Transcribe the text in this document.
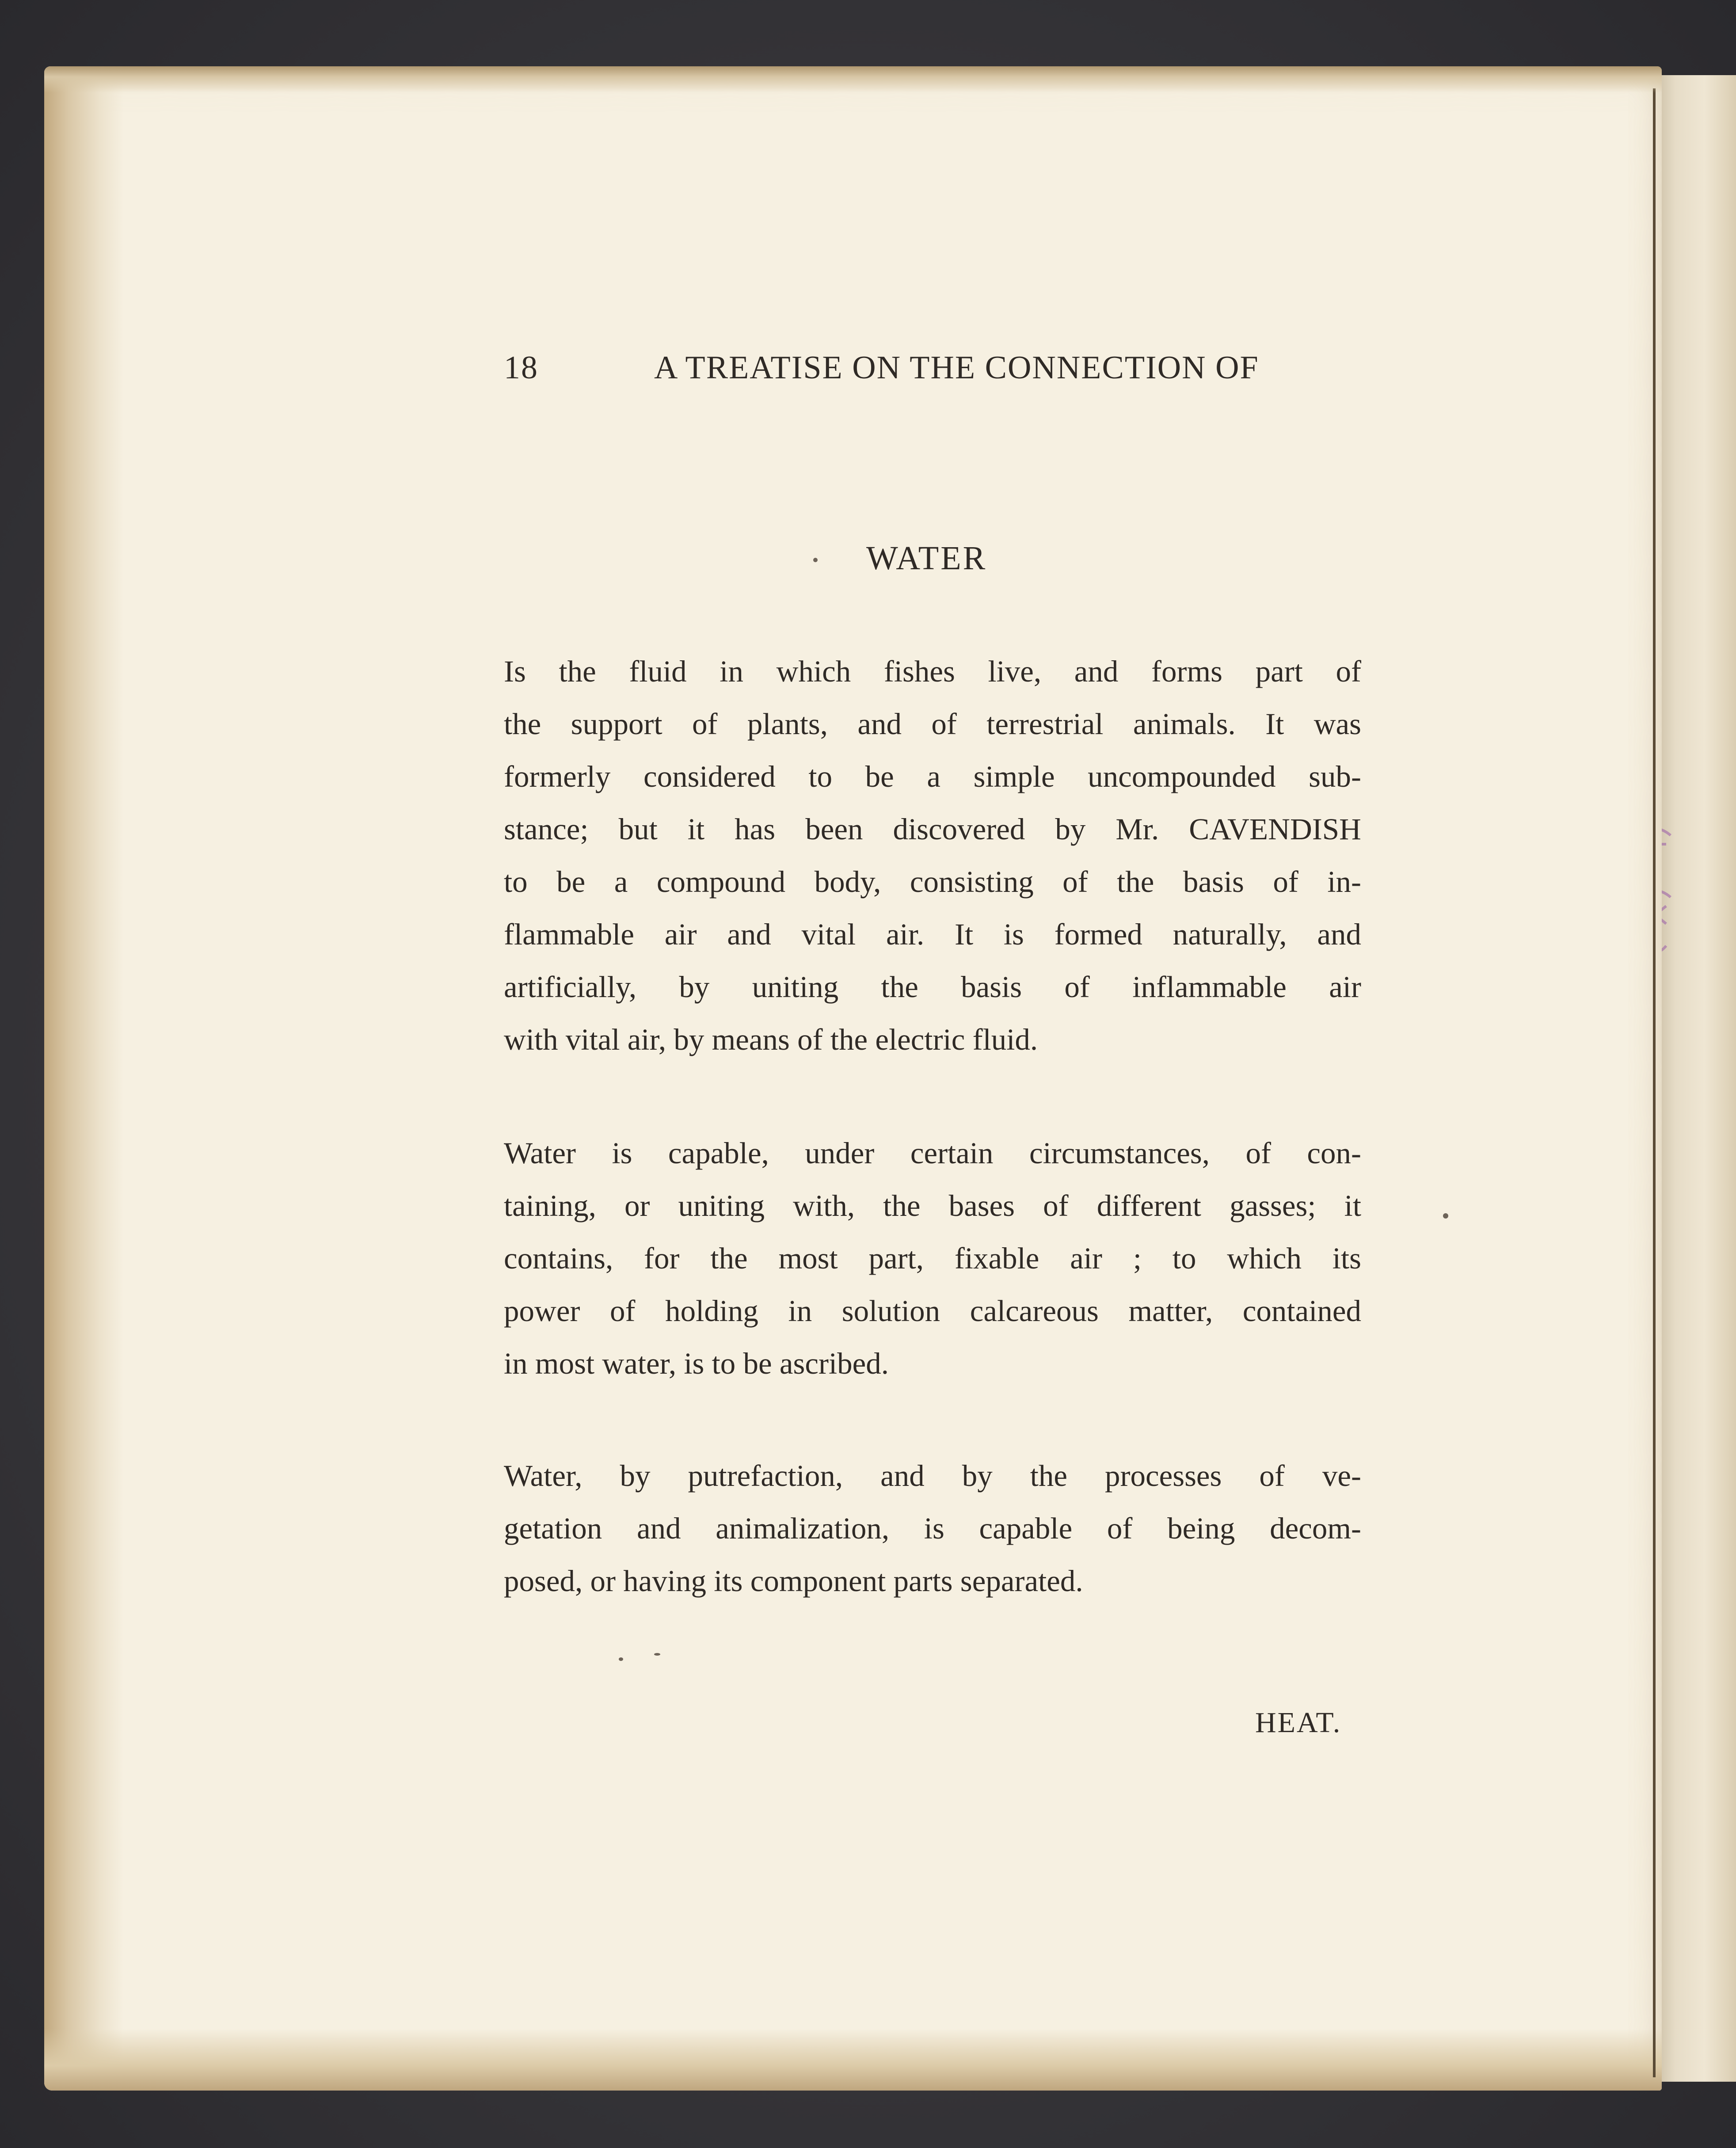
18	A TREATISE ON THE CONNECTION OF
WATER
Is the fluid in which fishes live, and forms part of
the support of plants, and of terrestrial animals. It was
formerly considered to be a simple uncompounded sub-
stance; but it has been discovered by Mr. CAVENDISH
to be a compound body, consisting of the basis of in-
flammable air and vital air. It is formed naturally, and
artificially, by uniting the basis of inflammable air
with vital air, by means of the electric fluid.
Water is capable, under certain circumstances, of con-
taining, or uniting with, the bases of different gasses; it
contains, for the most part, fixable air ; to which its
power of holding in solution calcareous matter, contained
in most water, is to be ascribed.
Water, by putrefaction, and by the processes of ve-
getation and animalization, is capable of being decom-
posed, or having its component parts separated.
HEAT.
